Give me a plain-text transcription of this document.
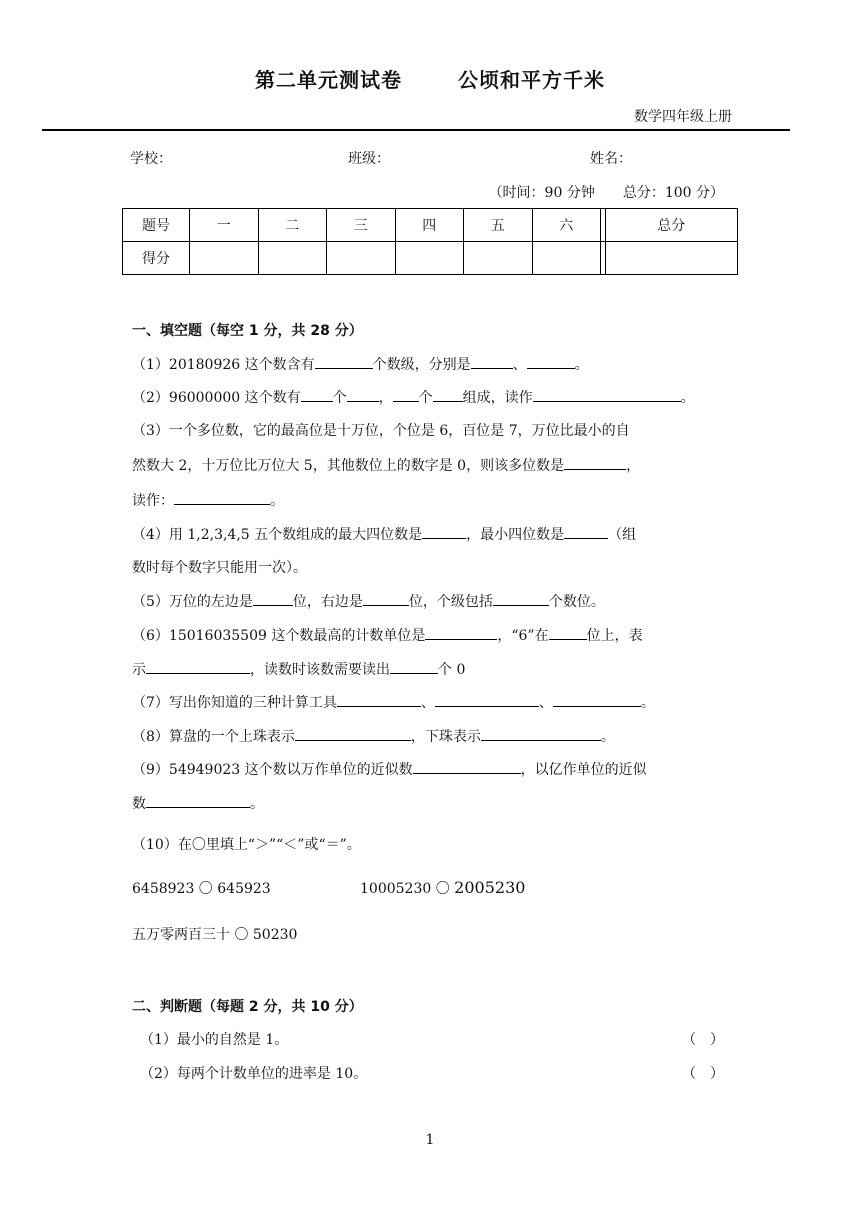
第二单元测试卷	公顷和平方千米
数学四年级上册
学校：	班级：	姓名：
（时间：90 分钟　　总分：100 分）
题号	一	二	三	四	五	六		总分
得分								
一、填空题（每空 1 分，共 28 分）
（1）20180926 这个数含有	个数级，分别是	、	。
（2）96000000 这个数有 个 ， 个 组成，读作	。
（3）一个多位数，它的最高位是十万位，个位是 6，百位是 7，万位比最小的自
然数大 2，十万位比万位大 5，其他数位上的数字是 0，则该多位数是	，
读作：	。
（4）用 1,2,3,4,5 五个数组成的最大四位数是	，最小四位数是	（组
数时每个数字只能用一次）。
（5）万位的左边是	位，右边是	位，个级包括	个数位。
（6）15016035509 这个数最高的计数单位是	，“6”在	位上，表
示	，读数时该数需要读出	个 0
（7）写出你知道的三种计算工具	、	、	。
（8）算盘的一个上珠表示	，下珠表示	。
（9）54949023 这个数以万作单位的近似数	，以亿作单位的近似
数	。
（10）在〇里填上“＞”“＜”或“＝”。
6458923 〇 645923	10005230 〇 2005230
五万零两百三十 〇 50230
二、判断题（每题 2 分，共 10 分）
（1）最小的自然是 1。	（　）
（2）每两个计数单位的进率是 10。	（　）
1
